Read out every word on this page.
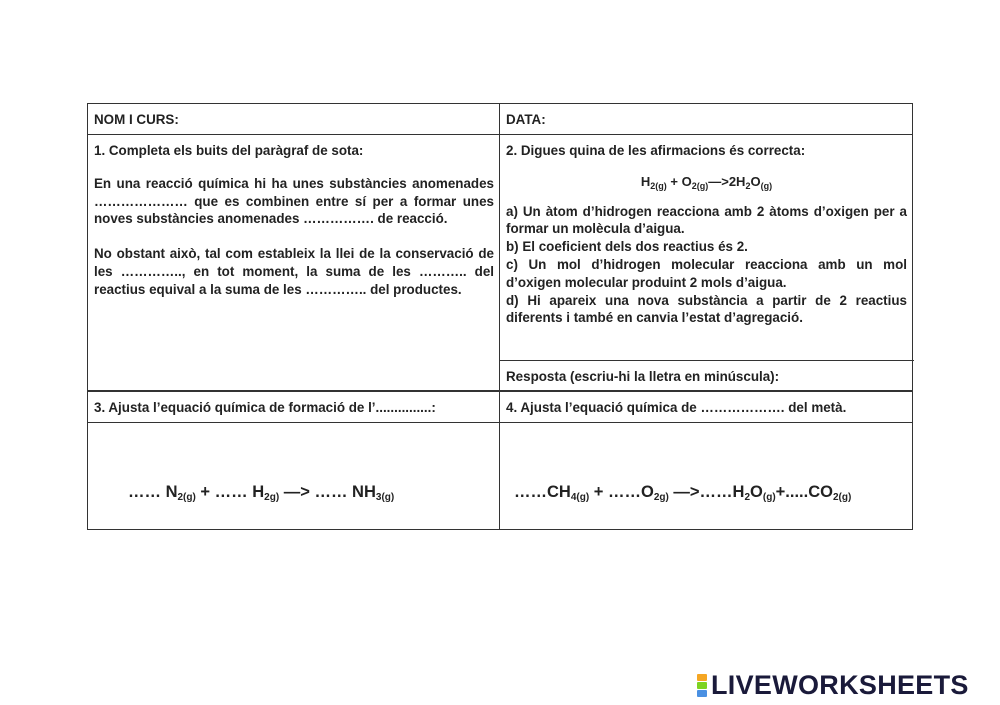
NOM I CURS:	DATA:
1. Completa els buits del paràgraf de sota:
En una reacció química hi ha unes substàncies anomenades ………………… que es combinen entre sí per a formar unes noves substàncies anomenades ……………. de reacció.
No obstant això, tal com estableix la llei de la conservació de les ………….., en tot moment, la suma de les ……….. del reactius equival a la suma de les ………….. del productes.
2. Digues quina de les afirmacions és correcta:
$H_{2(g)}$ + $O_{2(g)}—>2H_2O_{(g)}$
a) Un àtom d’hidrogen reacciona amb 2 àtoms d’oxigen per a formar un molècula d’aigua.
b) El coeficient dels dos reactius és 2.
c) Un mol d’hidrogen molecular reacciona amb un mol d’oxigen molecular produint 2 mols d’aigua.
d) Hi apareix una nova substància a partir de 2 reactius diferents i també en canvia l’estat d’agregació.
Resposta (escriu-hi la lletra en minúscula):
3. Ajusta l’equació química de formació de l’...............:	4. Ajusta l’equació química de ………………. del metà.
…… $N_{2(g)}$ + …… $H_{2g)}$ —> …… $NH_{3(g)}$	$\dots\dots CH_{4(g)}$ + $\dots\dots O_{2g)}$ $—>\dots\dots H_2O_{(g)}+.....CO_{2(g)}$
LIVEWORKSHEETS
